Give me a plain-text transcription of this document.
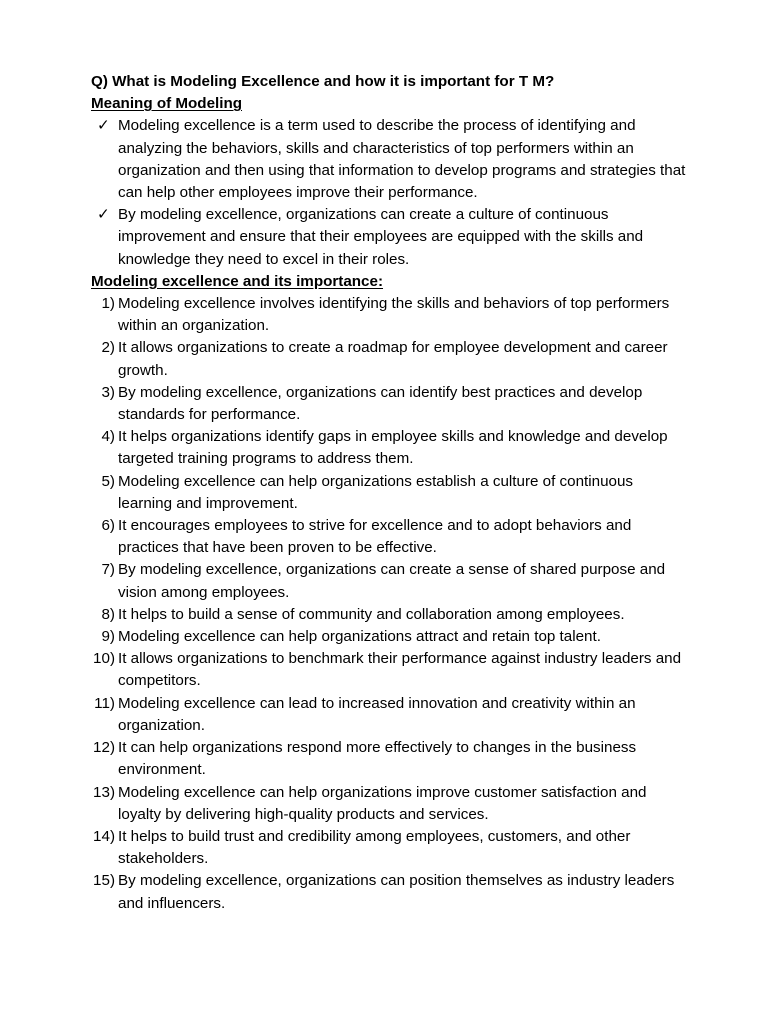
Q) What is Modeling Excellence and how it is important for T M?

Meaning of Modeling

✓ Modeling excellence is a term used to describe the process of identifying and analyzing the behaviors, skills and characteristics of top performers within an organization and then using that information to develop programs and strategies that can help other employees improve their performance.
✓ By modeling excellence, organizations can create a culture of continuous improvement and ensure that their employees are equipped with the skills and knowledge they need to excel in their roles.

Modeling excellence and its importance:

1) Modeling excellence involves identifying the skills and behaviors of top performers within an organization.
2) It allows organizations to create a roadmap for employee development and career growth.
3) By modeling excellence, organizations can identify best practices and develop standards for performance.
4) It helps organizations identify gaps in employee skills and knowledge and develop targeted training programs to address them.
5) Modeling excellence can help organizations establish a culture of continuous learning and improvement.
6) It encourages employees to strive for excellence and to adopt behaviors and practices that have been proven to be effective.
7) By modeling excellence, organizations can create a sense of shared purpose and vision among employees.
8) It helps to build a sense of community and collaboration among employees.
9) Modeling excellence can help organizations attract and retain top talent.
10) It allows organizations to benchmark their performance against industry leaders and competitors.
11) Modeling excellence can lead to increased innovation and creativity within an organization.
12) It can help organizations respond more effectively to changes in the business environment.
13) Modeling excellence can help organizations improve customer satisfaction and loyalty by delivering high-quality products and services.
14) It helps to build trust and credibility among employees, customers, and other stakeholders.
15) By modeling excellence, organizations can position themselves as industry leaders and influencers.
